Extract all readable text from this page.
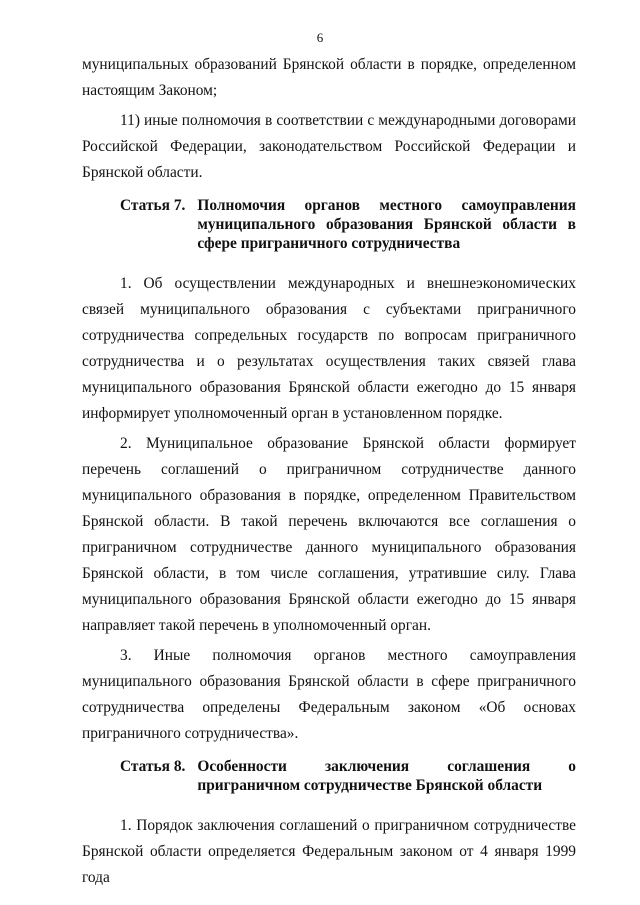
6

муниципальных образований Брянской области в порядке, определенном настоящим Законом;

11) иные полномочия в соответствии с международными договорами Российской Федерации, законодательством Российской Федерации и Брянской области.

Статья 7. Полномочия органов местного самоуправления муниципального образования Брянской области в сфере приграничного сотрудничества

1. Об осуществлении международных и внешнеэкономических связей муниципального образования с субъектами приграничного сотрудничества сопредельных государств по вопросам приграничного сотрудничества и о результатах осуществления таких связей глава муниципального образования Брянской области ежегодно до 15 января информирует уполномоченный орган в установленном порядке.

2. Муниципальное образование Брянской области формирует перечень соглашений о приграничном сотрудничестве данного муниципального образования в порядке, определенном Правительством Брянской области. В такой перечень включаются все соглашения о приграничном сотрудничестве данного муниципального образования Брянской области, в том числе соглашения, утратившие силу. Глава муниципального образования Брянской области ежегодно до 15 января направляет такой перечень в уполномоченный орган.

3. Иные полномочия органов местного самоуправления муниципального образования Брянской области в сфере приграничного сотрудничества определены Федеральным законом «Об основах приграничного сотрудничества».

Статья 8. Особенности заключения соглашения о приграничном сотрудничестве Брянской области

1. Порядок заключения соглашений о приграничном сотрудничестве Брянской области определяется Федеральным законом от 4 января 1999 года
